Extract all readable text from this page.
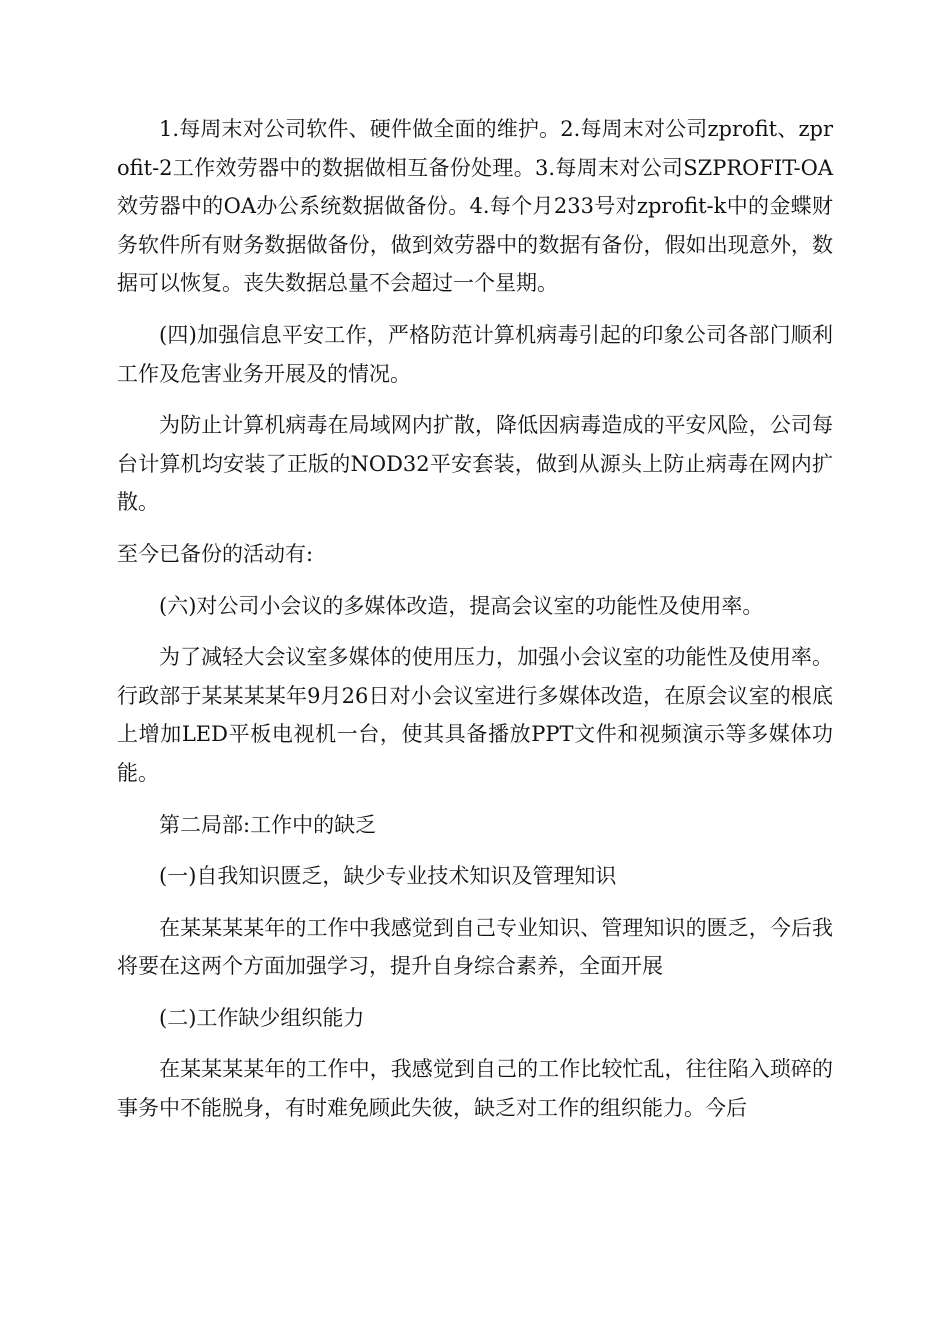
1.每周末对公司软件、硬件做全面的维护。2.每周末对公司zprofit、zprofit-2工作效劳器中的数据做相互备份处理。3.每周末对公司SZPROFIT-OA效劳器中的OA办公系统数据做备份。4.每个月233号对zprofit-k中的金蝶财务软件所有财务数据做备份，做到效劳器中的数据有备份，假如出现意外，数据可以恢复。丧失数据总量不会超过一个星期。

(四)加强信息平安工作，严格防范计算机病毒引起的印象公司各部门顺利工作及危害业务开展及的情况。

为防止计算机病毒在局域网内扩散，降低因病毒造成的平安风险，公司每台计算机均安装了正版的NOD32平安套装，做到从源头上防止病毒在网内扩散。

至今已备份的活动有:

(六)对公司小会议的多媒体改造，提高会议室的功能性及使用率。

为了减轻大会议室多媒体的使用压力，加强小会议室的功能性及使用率。行政部于某某某某年9月26日对小会议室进行多媒体改造，在原会议室的根底上增加LED平板电视机一台，使其具备播放PPT文件和视频演示等多媒体功能。

第二局部:工作中的缺乏

(一)自我知识匮乏，缺少专业技术知识及管理知识

在某某某某年的工作中我感觉到自己专业知识、管理知识的匮乏，今后我将要在这两个方面加强学习，提升自身综合素养，全面开展

(二)工作缺少组织能力

在某某某某年的工作中，我感觉到自己的工作比较忙乱，往往陷入琐碎的事务中不能脱身，有时难免顾此失彼，缺乏对工作的组织能力。今后
